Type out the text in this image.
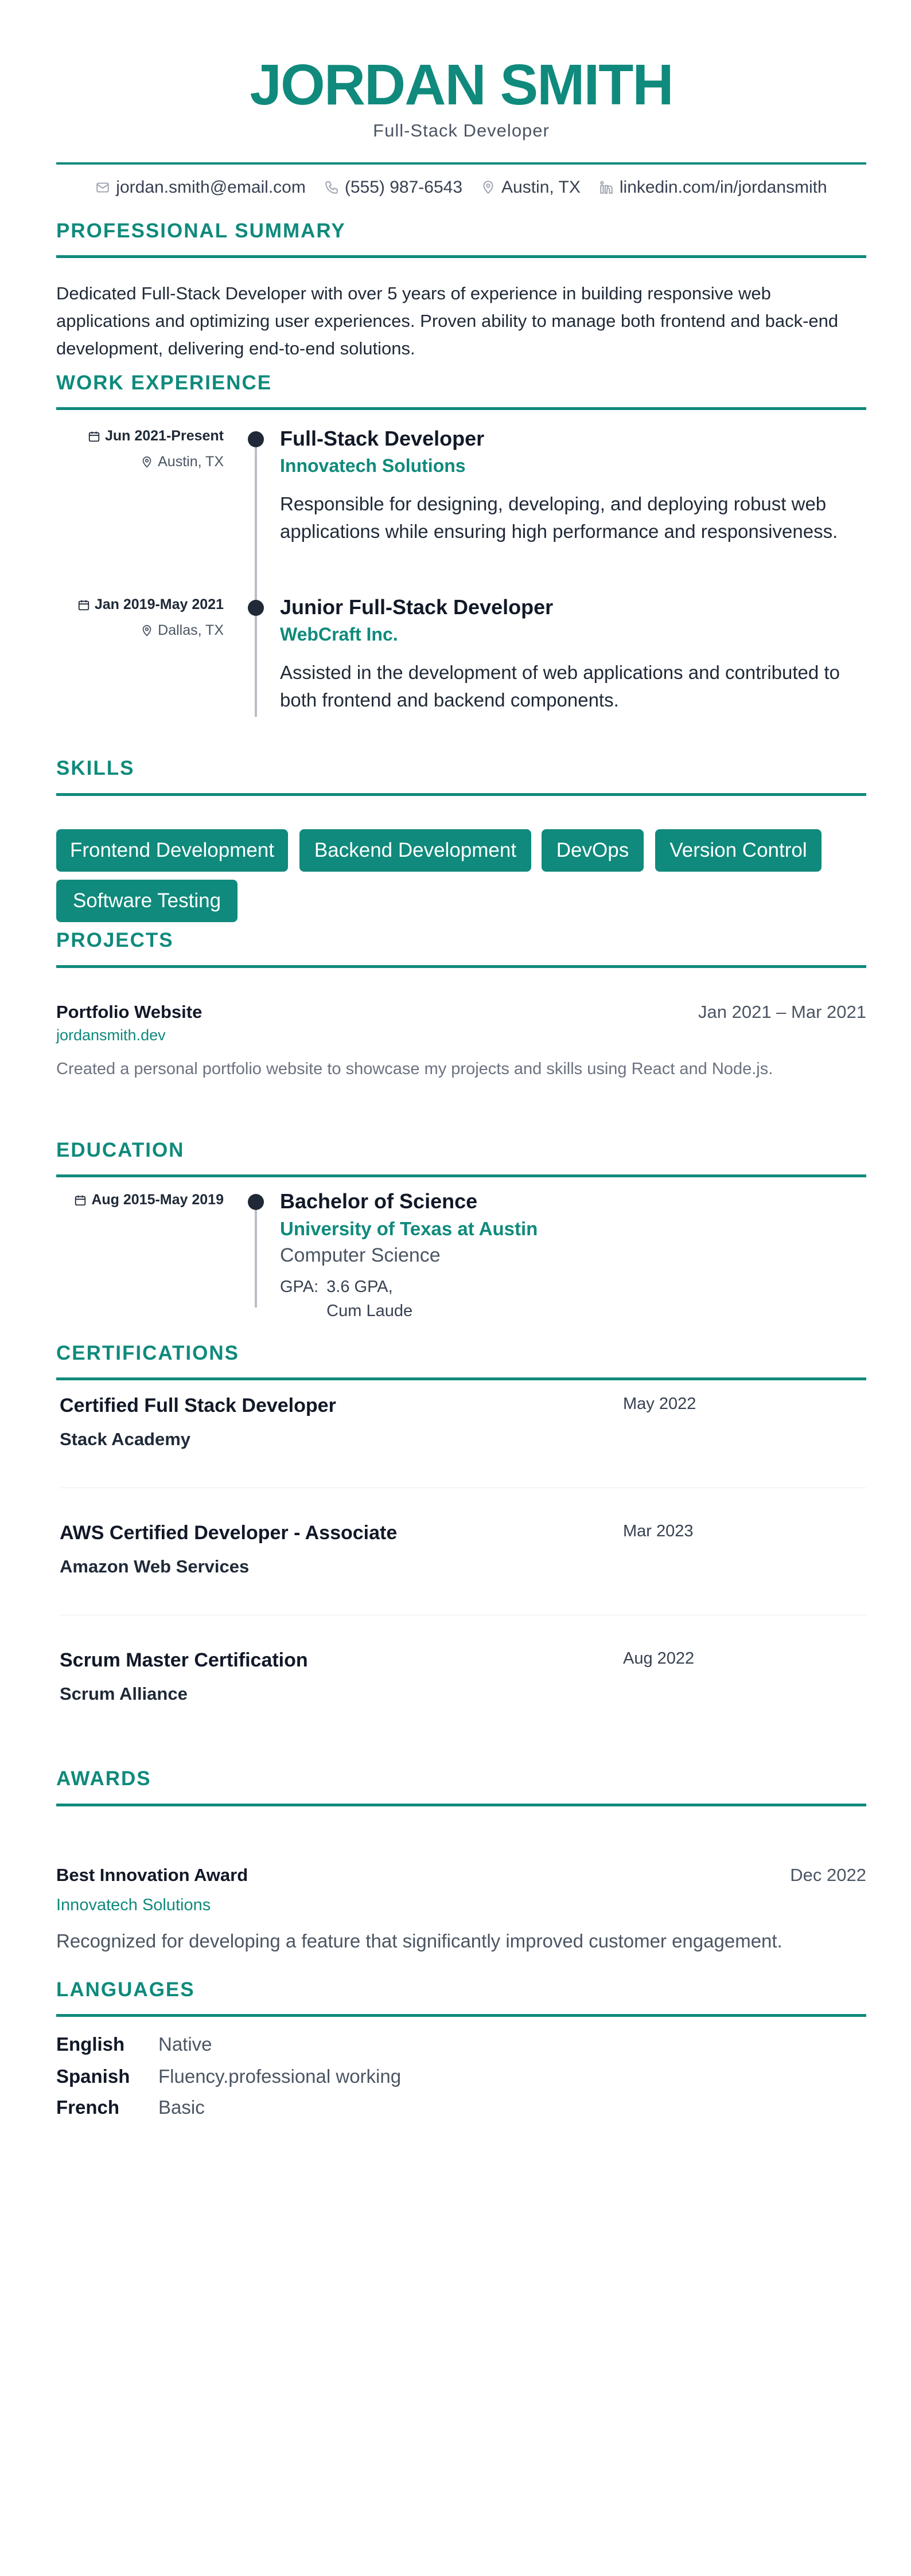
JORDAN SMITH
Full-Stack Developer
jordan.smith@email.com (555) 987-6543 Austin, TX linkedin.com/in/jordansmith
PROFESSIONAL SUMMARY
Dedicated Full-Stack Developer with over 5 years of experience in building responsive web applications and optimizing user experiences. Proven ability to manage both frontend and back-end development, delivering end-to-end solutions.
WORK EXPERIENCE
Jun 2021-Present
Austin, TX
Full-Stack Developer
Innovatech Solutions
Responsible for designing, developing, and deploying robust web applications while ensuring high performance and responsiveness.
Jan 2019-May 2021
Dallas, TX
Junior Full-Stack Developer
WebCraft Inc.
Assisted in the development of web applications and contributed to both frontend and backend components.
SKILLS
Frontend Development	Backend Development	DevOps	Version Control
Software Testing
PROJECTS
Portfolio Website	Jan 2021 – Mar 2021
jordansmith.dev
Created a personal portfolio website to showcase my projects and skills using React and Node.js.
EDUCATION
Aug 2015-May 2019	Bachelor of Science
University of Texas at Austin
Computer Science
GPA: 3.6 GPA,
Cum Laude
CERTIFICATIONS
Certified Full Stack Developer
Stack Academy
May 2022
AWS Certified Developer - Associate
Amazon Web Services
Mar 2023
Scrum Master Certification
Scrum Alliance
Aug 2022
AWARDS
Best Innovation Award	Dec 2022
Innovatech Solutions
Recognized for developing a feature that significantly improved customer engagement.
LANGUAGES
English	Native
Spanish	Fluency.professional working
French	Basic
